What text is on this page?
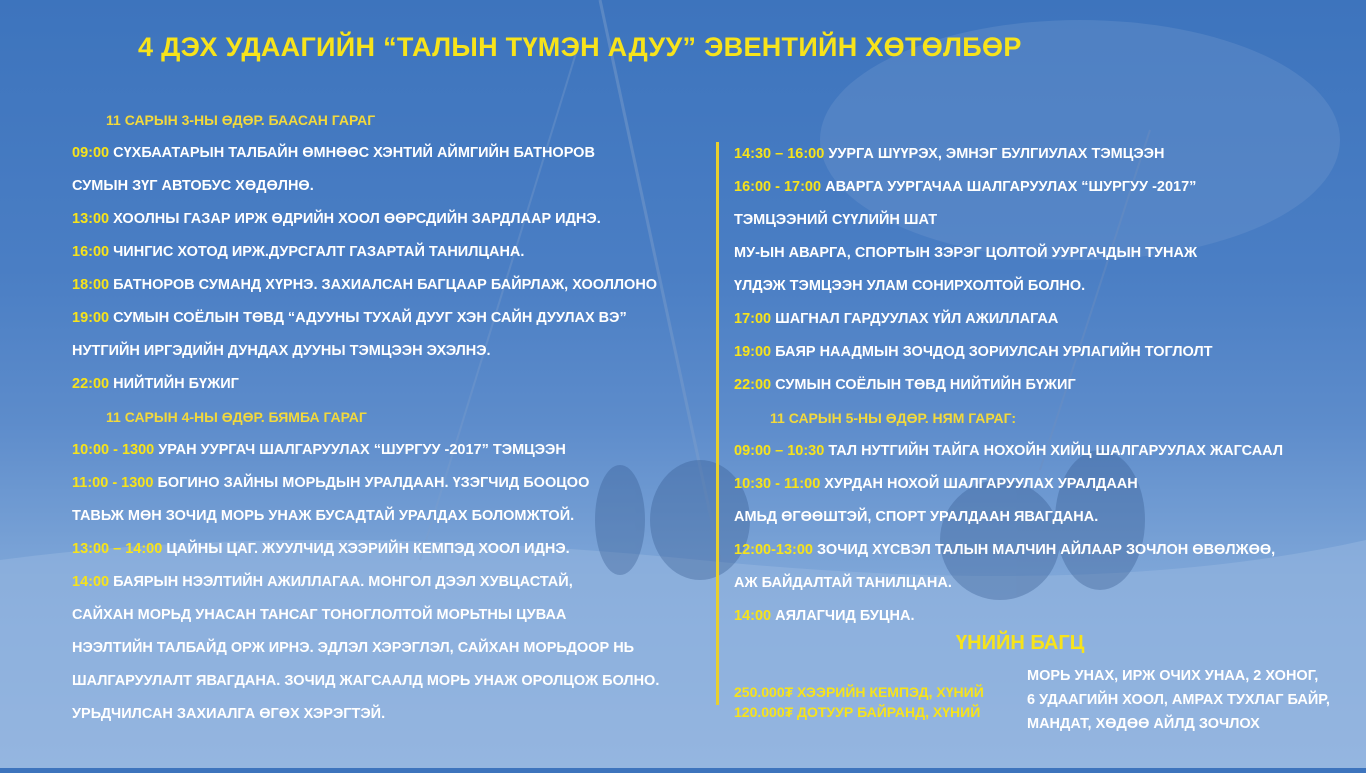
4 ДЭХ УДААГИЙН “ТАЛЫН ТҮМЭН АДУУ” ЭВЕНТИЙН ХӨТӨЛБӨР
11 САРЫН 3-НЫ ӨДӨР. БААСАН ГАРАГ
09:00 СҮХБААТАРЫН ТАЛБАЙН ӨМНӨӨС ХЭНТИЙ АЙМГИЙН БАТНОРОВ
СУМЫН ЗҮГ АВТОБУС ХӨДӨЛНӨ.
13:00 ХООЛНЫ ГАЗАР ИРЖ ӨДРИЙН ХООЛ ӨӨРСДИЙН ЗАРДЛААР ИДНЭ.
16:00 ЧИНГИС ХОТОД ИРЖ.ДУРСГАЛТ ГАЗАРТАЙ ТАНИЛЦАНА.
18:00 БАТНОРОВ СУМАНД ХҮРНЭ. ЗАХИАЛСАН БАГЦААР БАЙРЛАЖ, ХООЛЛОНО
19:00 СУМЫН СОЁЛЫН ТӨВД “АДУУНЫ ТУХАЙ ДУУГ ХЭН САЙН ДУУЛАХ ВЭ”
НУТГИЙН ИРГЭДИЙН ДУНДАХ ДУУНЫ ТЭМЦЭЭН ЭХЭЛНЭ.
22:00 НИЙТИЙН БҮЖИГ
11 САРЫН 4-НЫ ӨДӨР. БЯМБА ГАРАГ
10:00 - 1300 УРАН УУРГАЧ ШАЛГАРУУЛАХ “ШУРГУУ -2017” ТЭМЦЭЭН
11:00 - 1300 БОГИНО ЗАЙНЫ МОРЬДЫН УРАЛДААН. ҮЗЭГЧИД БООЦОО
ТАВЬЖ МӨН ЗОЧИД МОРЬ УНАЖ БУСАДТАЙ УРАЛДАХ БОЛОМЖТОЙ.
13:00 – 14:00 ЦАЙНЫ ЦАГ. ЖУУЛЧИД ХЭЭРИЙН КЕМПЭД ХООЛ ИДНЭ.
14:00 БАЯРЫН НЭЭЛТИЙН АЖИЛЛАГАА. МОНГОЛ ДЭЭЛ ХУВЦАСТАЙ,
САЙХАН МОРЬД УНАСАН ТАНСАГ ТОНОГЛОЛТОЙ МОРЬТНЫ ЦУВАА
НЭЭЛТИЙН ТАЛБАЙД ОРЖ ИРНЭ. ЭДЛЭЛ ХЭРЭГЛЭЛ, САЙХАН МОРЬДООР НЬ
ШАЛГАРУУЛАЛТ ЯВАГДАНА. ЗОЧИД ЖАГСААЛД МОРЬ УНАЖ ОРОЛЦОЖ БОЛНО.
УРЬДЧИЛСАН ЗАХИАЛГА ӨГӨХ ХЭРЭГТЭЙ.
14:30 – 16:00 УУРГА ШҮҮРЭХ, ЭМНЭГ БУЛГИУЛАХ ТЭМЦЭЭН
16:00 - 17:00 АВАРГА УУРГАЧАА ШАЛГАРУУЛАХ “ШУРГУУ -2017”
ТЭМЦЭЭНИЙ СҮҮЛИЙН ШАТ
МУ-ЫН АВАРГА, СПОРТЫН ЗЭРЭГ ЦОЛТОЙ УУРГАЧДЫН ТУНАЖ
ҮЛДЭЖ ТЭМЦЭЭН УЛАМ СОНИРХОЛТОЙ БОЛНО.
17:00 ШАГНАЛ ГАРДУУЛАХ ҮЙЛ АЖИЛЛАГАА
19:00 БАЯР НААДМЫН ЗОЧДОД ЗОРИУЛСАН УРЛАГИЙН ТОГЛОЛТ
22:00 СУМЫН СОЁЛЫН ТӨВД НИЙТИЙН БҮЖИГ
11 САРЫН 5-НЫ ӨДӨР. НЯМ ГАРАГ:
09:00 – 10:30 ТАЛ НУТГИЙН ТАЙГА НОХОЙН ХИЙЦ ШАЛГАРУУЛАХ ЖАГСААЛ
10:30 - 11:00 ХУРДАН НОХОЙ ШАЛГАРУУЛАХ УРАЛДААН
АМЬД ӨГӨӨШТЭЙ, СПОРТ УРАЛДААН ЯВАГДАНА.
12:00-13:00 ЗОЧИД ХҮСВЭЛ ТАЛЫН МАЛЧИН АЙЛААР ЗОЧЛОН ӨВӨЛЖӨӨ,
АЖ БАЙДАЛТАЙ ТАНИЛЦАНА.
14:00 АЯЛАГЧИД БУЦНА.
ҮНИЙН БАГЦ
250.000₮ ХЭЭРИЙН КЕМПЭД, ХҮНИЙ
120.000₮ ДОТУУР БАЙРАНД, ХҮНИЙ
МОРЬ УНАХ, ИРЖ ОЧИХ УНАА, 2 ХОНОГ,
6 УДААГИЙН ХООЛ, АМРАХ ТУХЛАГ БАЙР,
МАНДАТ, ХӨДӨӨ АЙЛД ЗОЧЛОХ
